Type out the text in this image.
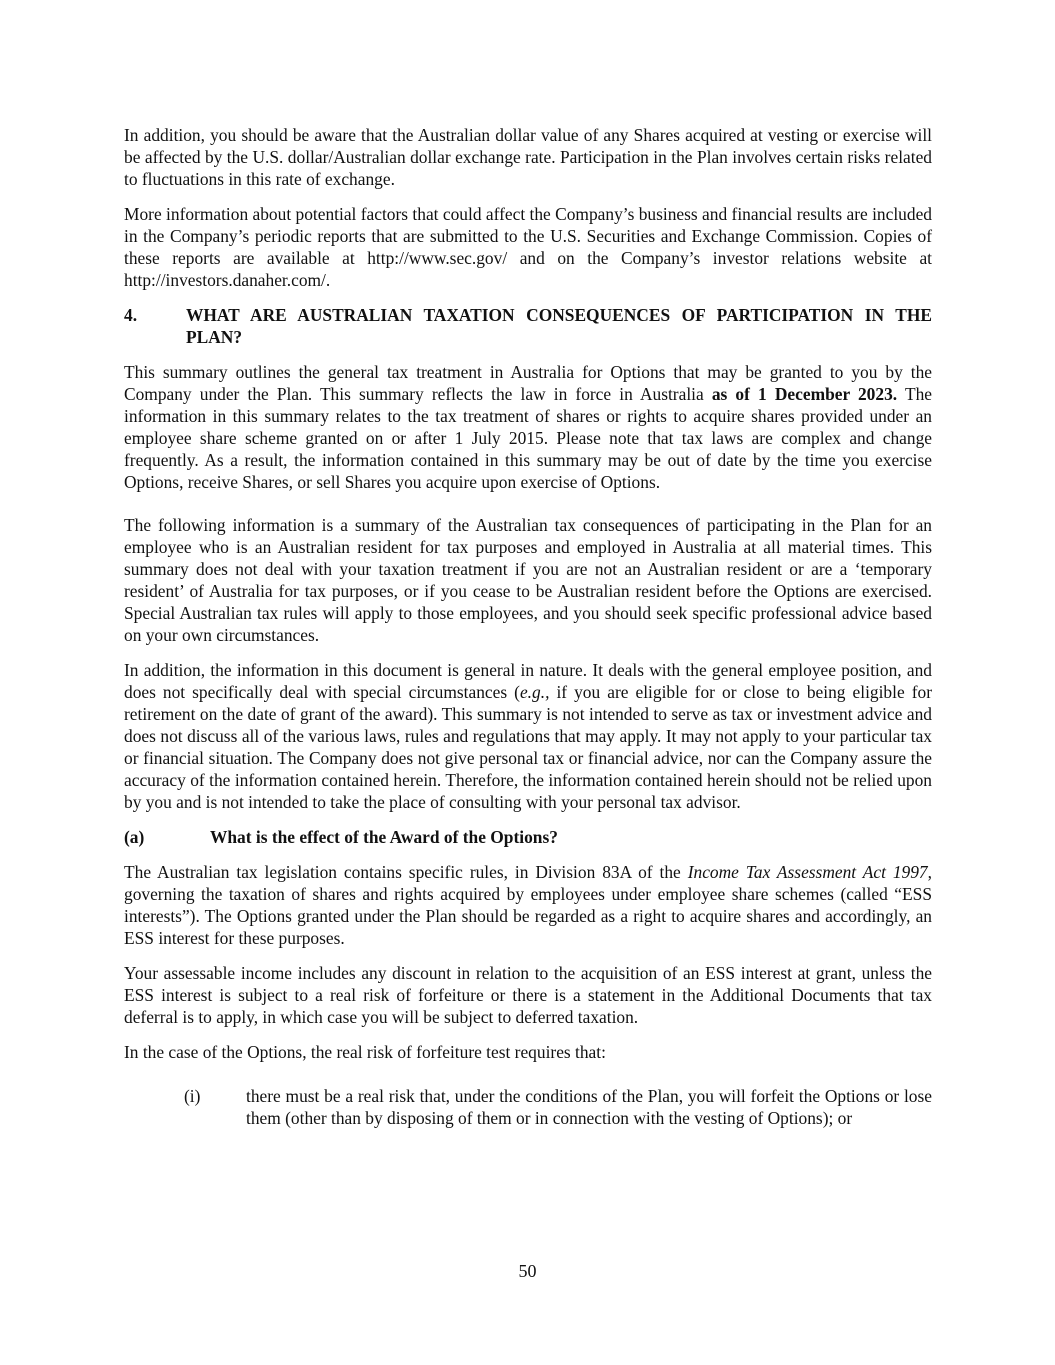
In addition, you should be aware that the Australian dollar value of any Shares acquired at vesting or exercise will be affected by the U.S. dollar/Australian dollar exchange rate. Participation in the Plan involves certain risks related to fluctuations in this rate of exchange.

More information about potential factors that could affect the Company’s business and financial results are included in the Company’s periodic reports that are submitted to the U.S. Securities and Exchange Commission. Copies of these reports are available at http://www.sec.gov/ and on the Company’s investor relations website at http://investors.danaher.com/.

4.	WHAT ARE AUSTRALIAN TAXATION CONSEQUENCES OF PARTICIPATION IN THE PLAN?

This summary outlines the general tax treatment in Australia for Options that may be granted to you by the Company under the Plan. This summary reflects the law in force in Australia as of 1 December 2023. The information in this summary relates to the tax treatment of shares or rights to acquire shares provided under an employee share scheme granted on or after 1 July 2015. Please note that tax laws are complex and change frequently. As a result, the information contained in this summary may be out of date by the time you exercise Options, receive Shares, or sell Shares you acquire upon exercise of Options.

The following information is a summary of the Australian tax consequences of participating in the Plan for an employee who is an Australian resident for tax purposes and employed in Australia at all material times. This summary does not deal with your taxation treatment if you are not an Australian resident or are a ‘temporary resident’ of Australia for tax purposes, or if you cease to be Australian resident before the Options are exercised. Special Australian tax rules will apply to those employees, and you should seek specific professional advice based on your own circumstances.

In addition, the information in this document is general in nature. It deals with the general employee position, and does not specifically deal with special circumstances (e.g., if you are eligible for or close to being eligible for retirement on the date of grant of the award). This summary is not intended to serve as tax or investment advice and does not discuss all of the various laws, rules and regulations that may apply. It may not apply to your particular tax or financial situation. The Company does not give personal tax or financial advice, nor can the Company assure the accuracy of the information contained herein. Therefore, the information contained herein should not be relied upon by you and is not intended to take the place of consulting with your personal tax advisor.

(a)	What is the effect of the Award of the Options?

The Australian tax legislation contains specific rules, in Division 83A of the Income Tax Assessment Act 1997, governing the taxation of shares and rights acquired by employees under employee share schemes (called “ESS interests”). The Options granted under the Plan should be regarded as a right to acquire shares and accordingly, an ESS interest for these purposes.

Your assessable income includes any discount in relation to the acquisition of an ESS interest at grant, unless the ESS interest is subject to a real risk of forfeiture or there is a statement in the Additional Documents that tax deferral is to apply, in which case you will be subject to deferred taxation.

In the case of the Options, the real risk of forfeiture test requires that:

(i)	there must be a real risk that, under the conditions of the Plan, you will forfeit the Options or lose them (other than by disposing of them or in connection with the vesting of Options); or
50
